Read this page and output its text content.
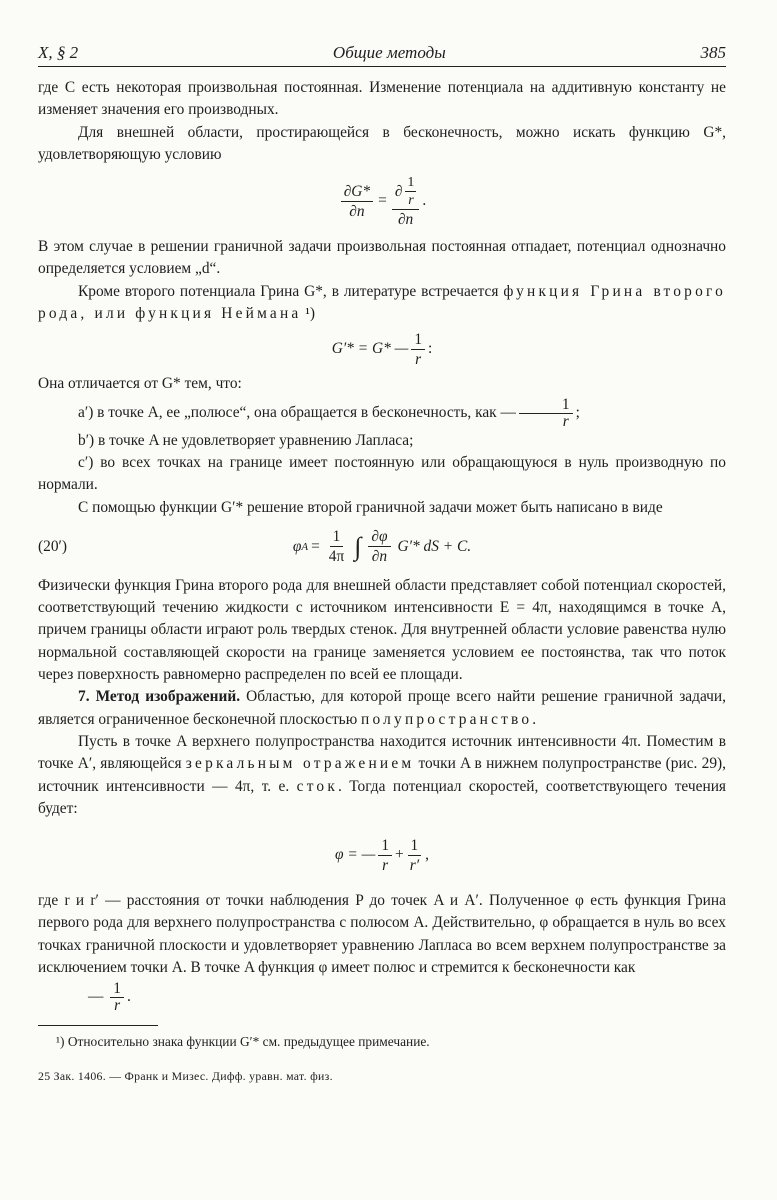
X, § 2	Общие методы	385

где C есть некоторая произвольная постоянная. Изменение потенциала на аддитивную константу не изменяет значения его производных.

Для внешней области, простирающейся в бесконечность, можно искать функцию G*, удовлетворяющую условию

$\frac{\partial G*}{\partial n}$ = ∂
1
r
∂n .

В этом случае в решении граничной задачи произвольная постоянная отпадает, потенциал однозначно определяется условием „d“.

Кроме второго потенциала Грина G*, в литературе встречается функция Грина второго рода, или функция Неймана ¹)

G′* = G* — $\frac{1}{r}$ :

Она отличается от G* тем, что:

a′) в точке A, ее „полюсе“, она обращается в бесконечность, как — $\frac{1}{r}$ ;

b′) в точке A не удовлетворяет уравнению Лапласа;

c′) во всех точках на границе имеет постоянную или обращающуюся в нуль производную по нормали.

С помощью функции G′* решение второй граничной задачи может быть написано в виде

(20′)	φ $A = \frac{1}{4\pi}$ ∫ $\frac{\partial\varphi}{\partial n} G'*$ dS + C.

Физически функция Грина второго рода для внешней области представляет собой потенциал скоростей, соответствующий течению жидкости с источником интенсивности E = 4π, находящимся в точке A, причем границы области играют роль твердых стенок. Для внутренней области условие равенства нулю нормальной составляющей скорости на границе заменяется условием ее постоянства, так что поток через поверхность равномерно распределен по всей ее площади.

7. Метод изображений. Областью, для которой проще всего найти решение граничной задачи, является ограниченное бесконечной плоскостью полупространство.

Пусть в точке A верхнего полупространства находится источник интенсивности 4π. Поместим в точке A′, являющейся зеркальным отражением точки A в нижнем полупространстве (рис. 29), источник интенсивности — 4π, т. е. сток. Тогда потенциал скоростей, соответствующего течения будет:

φ = — $\frac{1}{r} + \frac{1}{r'}$ ,

где r и r′ — расстояния от точки наблюдения P до точек A и A′. Полученное φ есть функция Грина первого рода для верхнего полупространства с полюсом A. Действительно, φ обращается в нуль во всех точках граничной плоскости и удовлетворяет уравнению Лапласа во всем верхнем полупространстве за исключением точки A. В точке A функция φ имеет полюс и стремится к бесконечности как

— $\frac{1}{r}$ .

¹) Относительно знака функции G′* см. предыдущее примечание.

25 Зак. 1406. — Франк и Мизес. Дифф. уравн. мат. физ.
